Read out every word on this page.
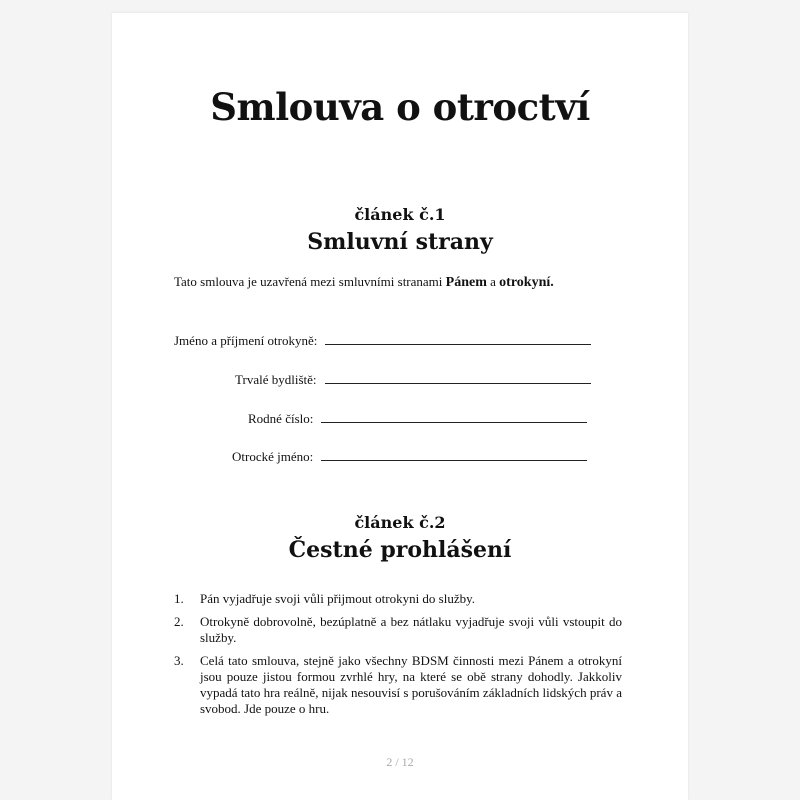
Smlouva o otroctví
článek č.1
Smluvní strany
Tato smlouva je uzavřená mezi smluvními stranami Pánem a otrokyní.
Jméno a příjmení otrokyně:
Trvalé bydliště:
Rodné číslo:
Otrocké jméno:
článek č.2
Čestné prohlášení
1.	Pán vyjadřuje svoji vůli přijmout otrokyni do služby.
2.	Otrokyně dobrovolně, bezúplatně a bez nátlaku vyjadřuje svoji vůli vstoupit do služby.
3.	Celá tato smlouva, stejně jako všechny BDSM činnosti mezi Pánem a otrokyní jsou pouze jistou formou zvrhlé hry, na které se obě strany dohodly. Jakkoliv vypadá tato hra reálně, nijak nesouvisí s porušováním základních lidských práv a svobod. Jde pouze o hru.
2 / 12
